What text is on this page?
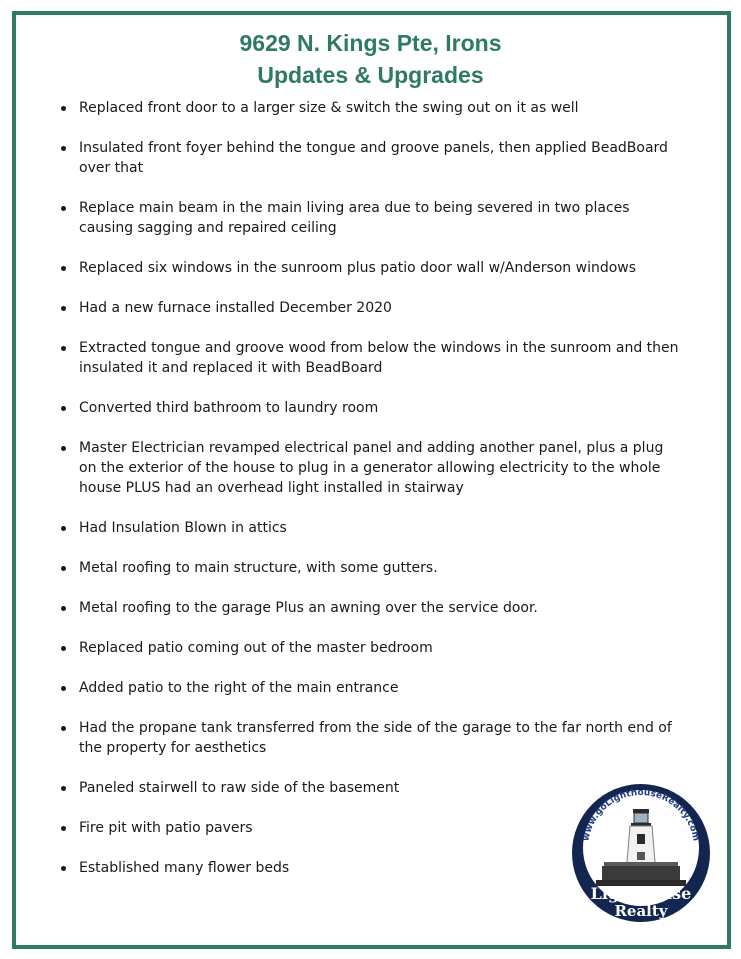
9629 N. Kings Pte, Irons
Updates & Upgrades
Replaced front door to a larger size & switch the swing out on it as well
Insulated front foyer behind the tongue and groove panels, then applied BeadBoard over that
Replace main beam in the main living area due to being severed in two places causing sagging and repaired ceiling
Replaced six windows in the sunroom plus patio door wall w/Anderson windows
Had a new furnace installed December 2020
Extracted tongue and groove wood from below the windows in the sunroom and then insulated it and replaced it with BeadBoard
Converted third bathroom to laundry room
Master Electrician revamped electrical panel and adding another panel, plus a plug on the exterior of the house to plug in a generator allowing electricity to the whole house PLUS had an overhead light installed in stairway
Had Insulation Blown in attics
Metal roofing to main structure, with some gutters.
Metal roofing to the garage Plus an awning over the service door.
Replaced patio coming out of the master bedroom
Added patio to the right of the main entrance
Had the propane tank transferred from the side of the garage to the far north end of the property for aesthetics
Paneled stairwell to raw side of the basement
Fire pit with patio pavers
Established many flower beds
www.goLighthouseRealty.com
Lighthouse
Realty
